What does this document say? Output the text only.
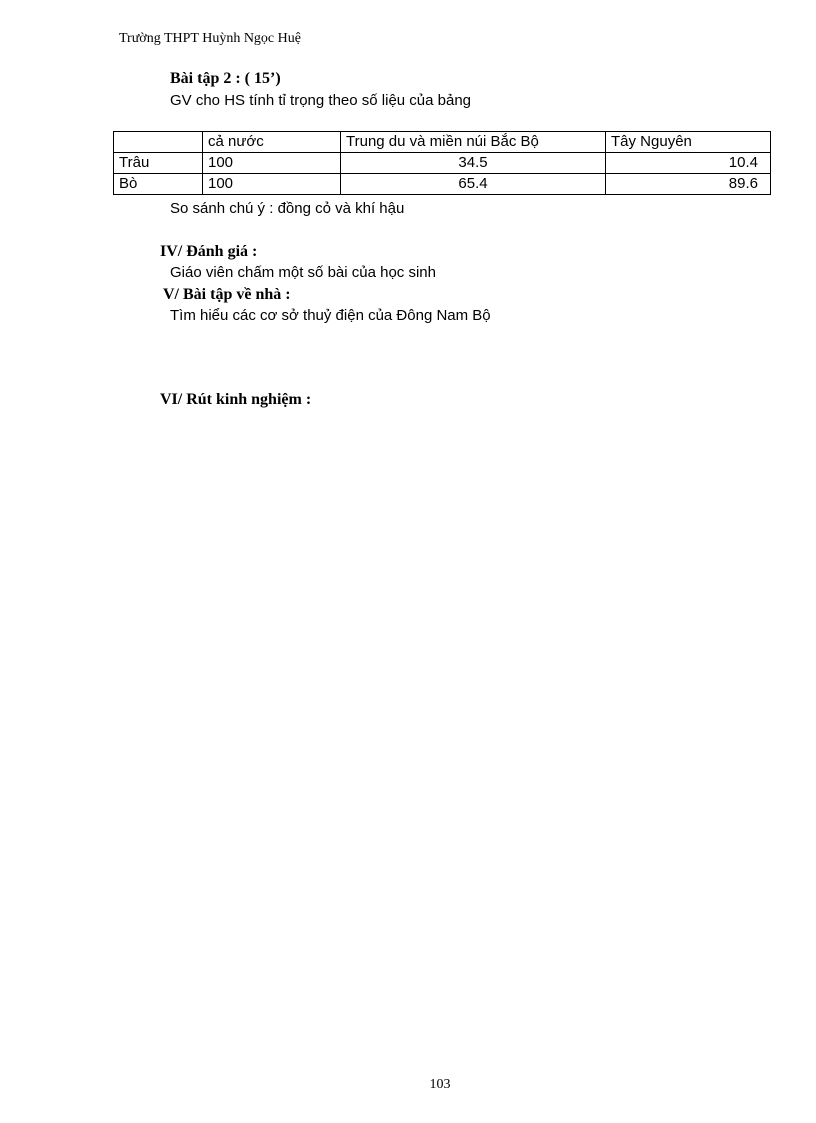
Trường THPT Huỳnh Ngọc Huệ
Bài tập 2 : ( 15’)
GV cho HS tính tỉ trọng theo số liệu của bảng
	cả nước	Trung du và miền núi Bắc Bộ	Tây Nguyên
Trâu	100	34.5	10.4
Bò	100	65.4	89.6
So sánh chú ý : đồng cỏ và khí hậu
IV/ Đánh giá :
Giáo viên chấm một số bài của học sinh
V/ Bài tập về nhà :
Tìm hiểu các cơ sở thuỷ điện của Đông Nam Bộ
VI/ Rút kinh nghiệm :
103
